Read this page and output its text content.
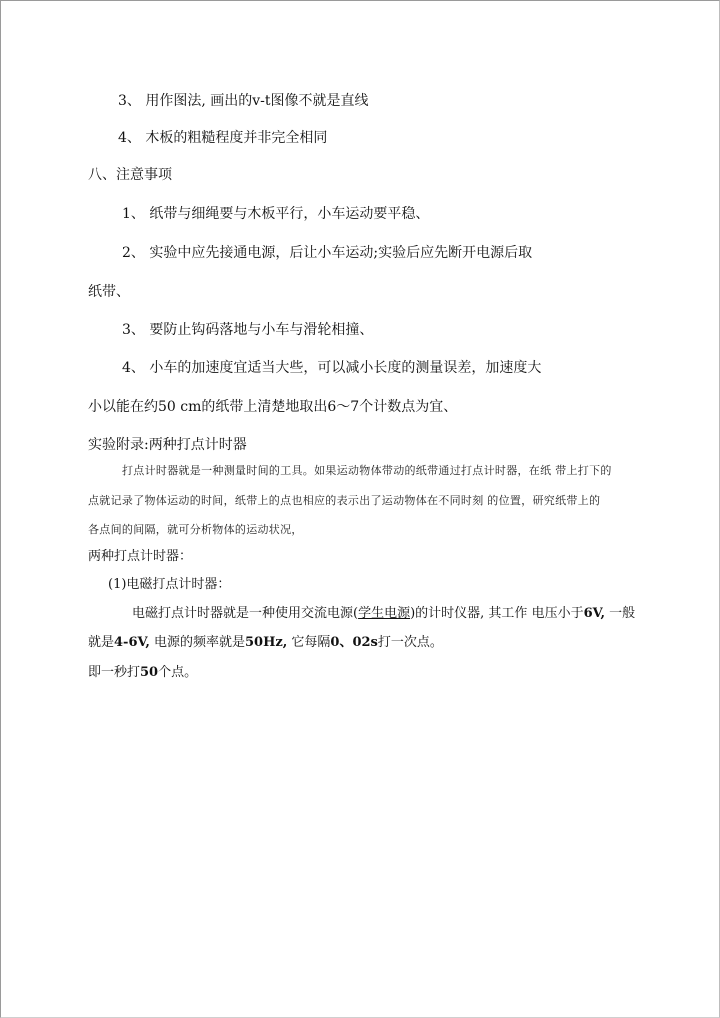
3、 用作图法, 画出的v-t图像不就是直线
4、 木板的粗糙程度并非完全相同
八、注意事项
1、 纸带与细绳要与木板平行，小车运动要平稳、
2、 实验中应先接通电源，后让小车运动;实验后应先断开电源后取
纸带、
3、 要防止钩码落地与小车与滑轮相撞、
4、 小车的加速度宜适当大些，可以减小长度的测量误差，加速度大
小以能在约50 cm的纸带上清楚地取出6～7个计数点为宜、
实验附录:两种打点计时器
打点计时器就是一种测量时间的工具。如果运动物体带动的纸带通过打点计时器，在纸 带上打下的
点就记录了物体运动的时间，纸带上的点也相应的表示出了运动物体在不同时刻 的位置，研究纸带上的
各点间的间隔，就可分析物体的运动状况，
两种打点计时器：
(1)电磁打点计时器：
电磁打点计时器就是一种使用交流电源(学生电源)的计时仪器, 其工作 电压小于6V, 一般
就是4-6V, 电源的频率就是50Hz, 它每隔0、02s打一次点。
即一秒打50个点。
